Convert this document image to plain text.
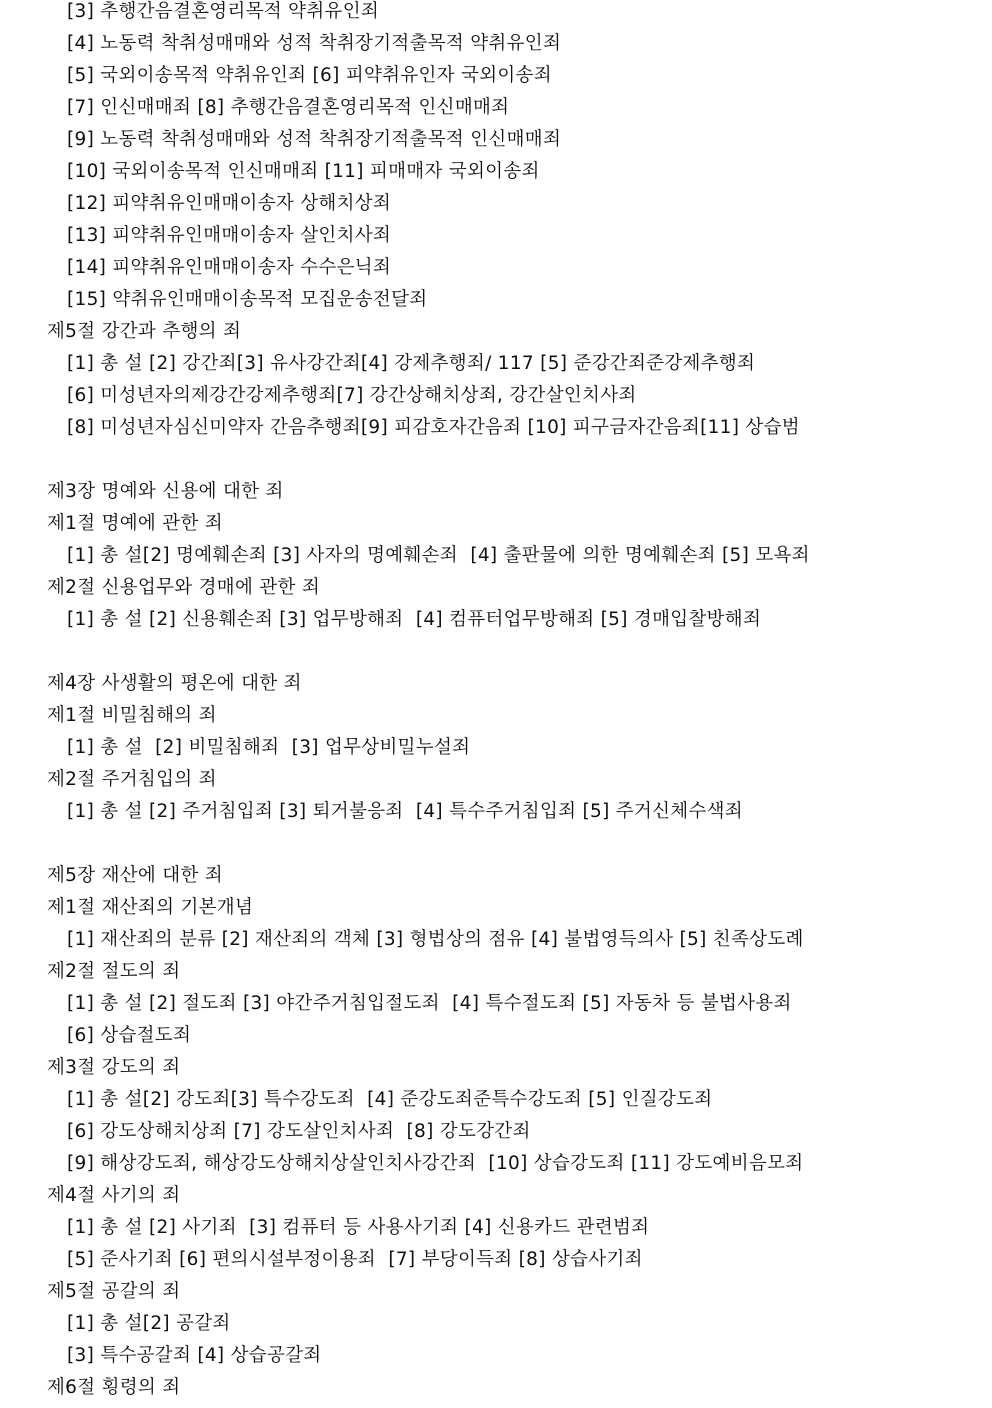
[3] 추행간음결혼영리목적 약취유인죄
[4] 노동력 착취성매매와 성적 착취장기적출목적 약취유인죄
[5] 국외이송목적 약취유인죄 [6] 피약취유인자 국외이송죄
[7] 인신매매죄 [8] 추행간음결혼영리목적 인신매매죄
[9] 노동력 착취성매매와 성적 착취장기적출목적 인신매매죄
[10] 국외이송목적 인신매매죄 [11] 피매매자 국외이송죄
[12] 피약취유인매매이송자 상해치상죄
[13] 피약취유인매매이송자 살인치사죄
[14] 피약취유인매매이송자 수수은닉죄
[15] 약취유인매매이송목적 모집운송전달죄
제5절 강간과 추행의 죄
[1] 총 설 [2] 강간죄[3] 유사강간죄[4] 강제추행죄/ 117 [5] 준강간죄준강제추행죄
[6] 미성년자의제강간강제추행죄[7] 강간상해치상죄, 강간살인치사죄
[8] 미성년자심신미약자 간음추행죄[9] 피감호자간음죄 [10] 피구금자간음죄[11] 상습범
제3장 명예와 신용에 대한 죄
제1절 명예에 관한 죄
[1] 총 설[2] 명예훼손죄 [3] 사자의 명예훼손죄  [4] 출판물에 의한 명예훼손죄 [5] 모욕죄
제2절 신용업무와 경매에 관한 죄
[1] 총 설 [2] 신용훼손죄 [3] 업무방해죄  [4] 컴퓨터업무방해죄 [5] 경매입찰방해죄
제4장 사생활의 평온에 대한 죄
제1절 비밀침해의 죄
[1] 총 설  [2] 비밀침해죄  [3] 업무상비밀누설죄
제2절 주거침입의 죄
[1] 총 설 [2] 주거침입죄 [3] 퇴거불응죄  [4] 특수주거침입죄 [5] 주거신체수색죄
제5장 재산에 대한 죄
제1절 재산죄의 기본개념
[1] 재산죄의 분류 [2] 재산죄의 객체 [3] 형법상의 점유 [4] 불법영득의사 [5] 친족상도례
제2절 절도의 죄
[1] 총 설 [2] 절도죄 [3] 야간주거침입절도죄  [4] 특수절도죄 [5] 자동차 등 불법사용죄
[6] 상습절도죄
제3절 강도의 죄
[1] 총 설[2] 강도죄[3] 특수강도죄  [4] 준강도죄준특수강도죄 [5] 인질강도죄
[6] 강도상해치상죄 [7] 강도살인치사죄  [8] 강도강간죄
[9] 해상강도죄, 해상강도상해치상살인치사강간죄  [10] 상습강도죄 [11] 강도예비음모죄
제4절 사기의 죄
[1] 총 설 [2] 사기죄  [3] 컴퓨터 등 사용사기죄 [4] 신용카드 관련범죄
[5] 준사기죄 [6] 편의시설부정이용죄  [7] 부당이득죄 [8] 상습사기죄
제5절 공갈의 죄
[1] 총 설[2] 공갈죄
[3] 특수공갈죄 [4] 상습공갈죄
제6절 횡령의 죄
